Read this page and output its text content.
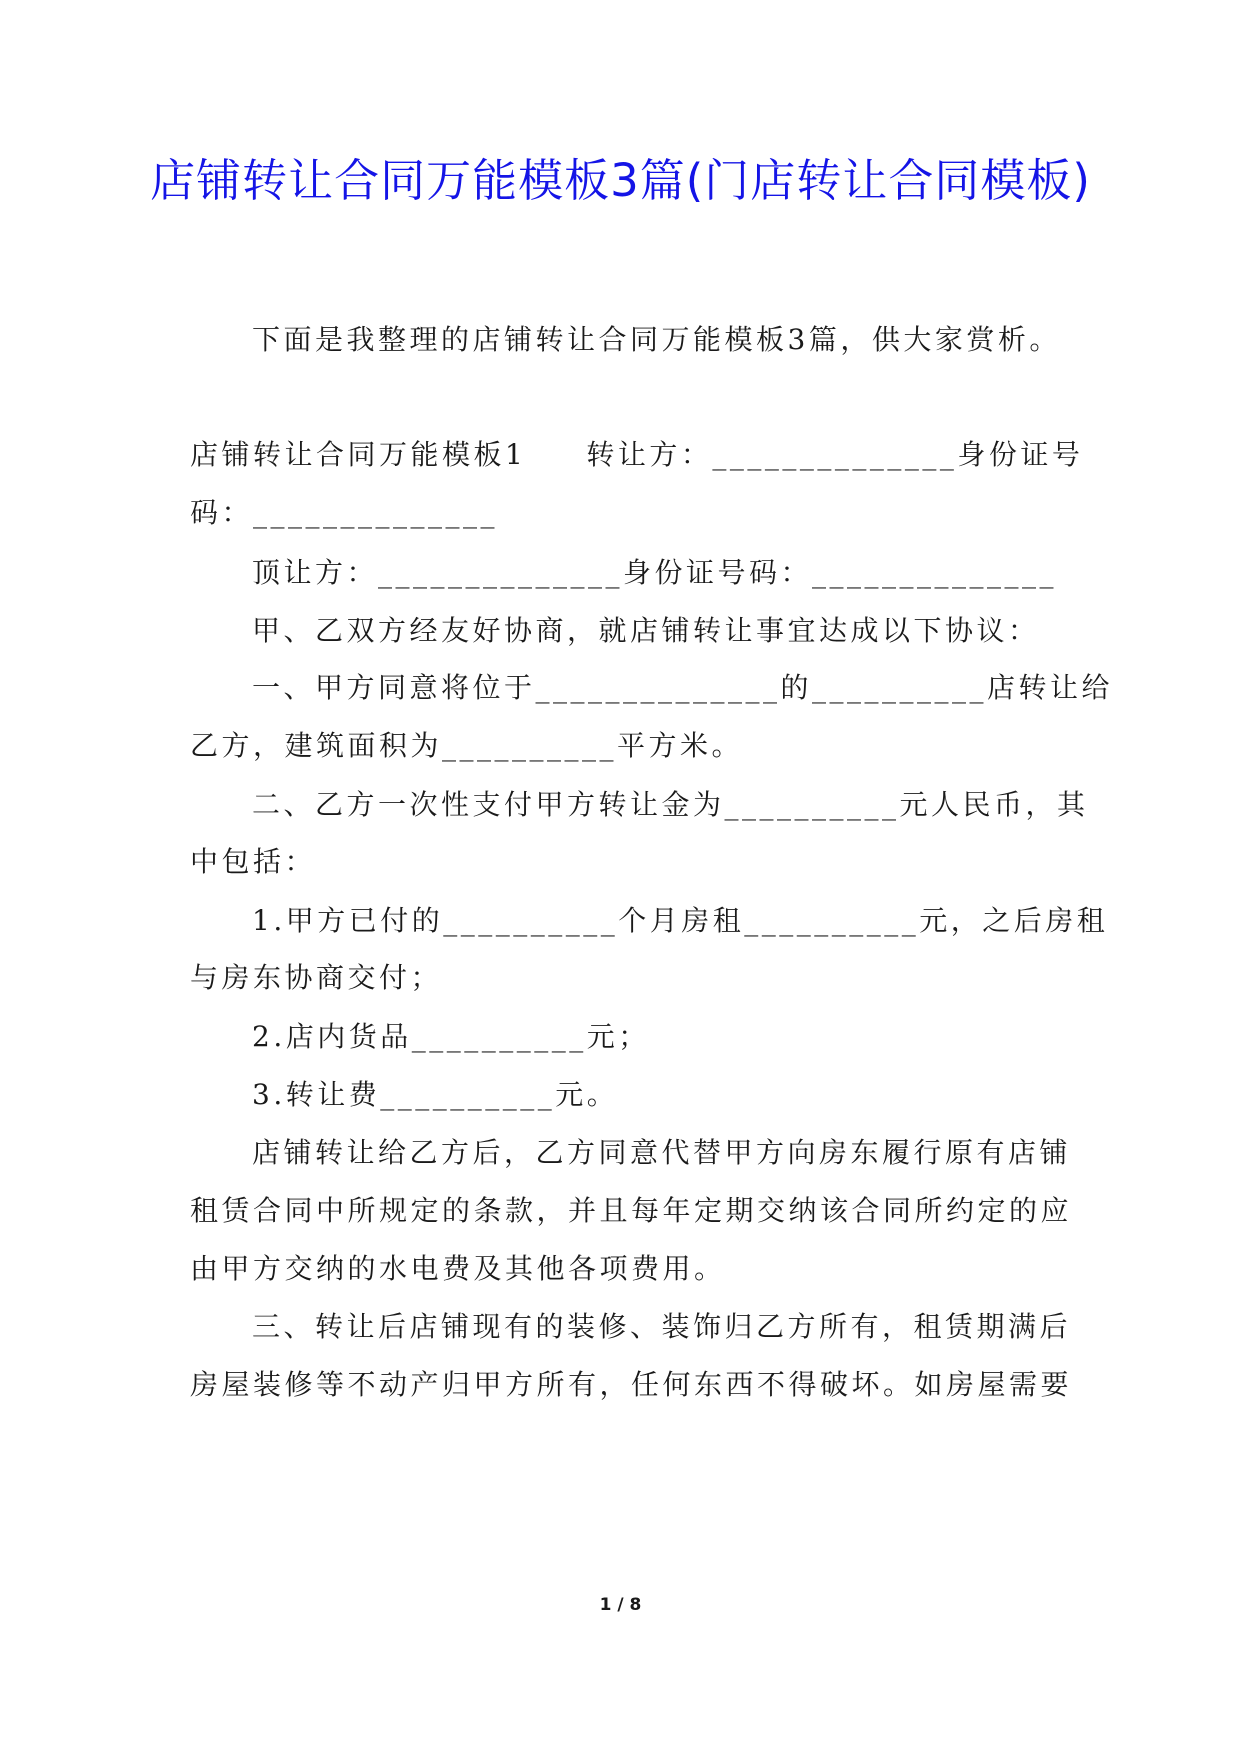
店铺转让合同万能模板3篇(门店转让合同模板)
下面是我整理的店铺转让合同万能模板3篇，供大家赏析。
店铺转让合同万能模板1 转让方：______________身份证号
码：______________
顶让方：______________身份证号码：______________
甲、乙双方经友好协商，就店铺转让事宜达成以下协议：
一、甲方同意将位于______________的__________店转让给
乙方，建筑面积为__________平方米。
二、乙方一次性支付甲方转让金为__________元人民币，其
中包括：
1.甲方已付的__________个月房租__________元，之后房租
与房东协商交付；
2.店内货品__________元；
3.转让费__________元。
店铺转让给乙方后，乙方同意代替甲方向房东履行原有店铺
租赁合同中所规定的条款，并且每年定期交纳该合同所约定的应
由甲方交纳的水电费及其他各项费用。
三、转让后店铺现有的装修、装饰归乙方所有，租赁期满后
房屋装修等不动产归甲方所有，任何东西不得破坏。如房屋需要
1 / 8
